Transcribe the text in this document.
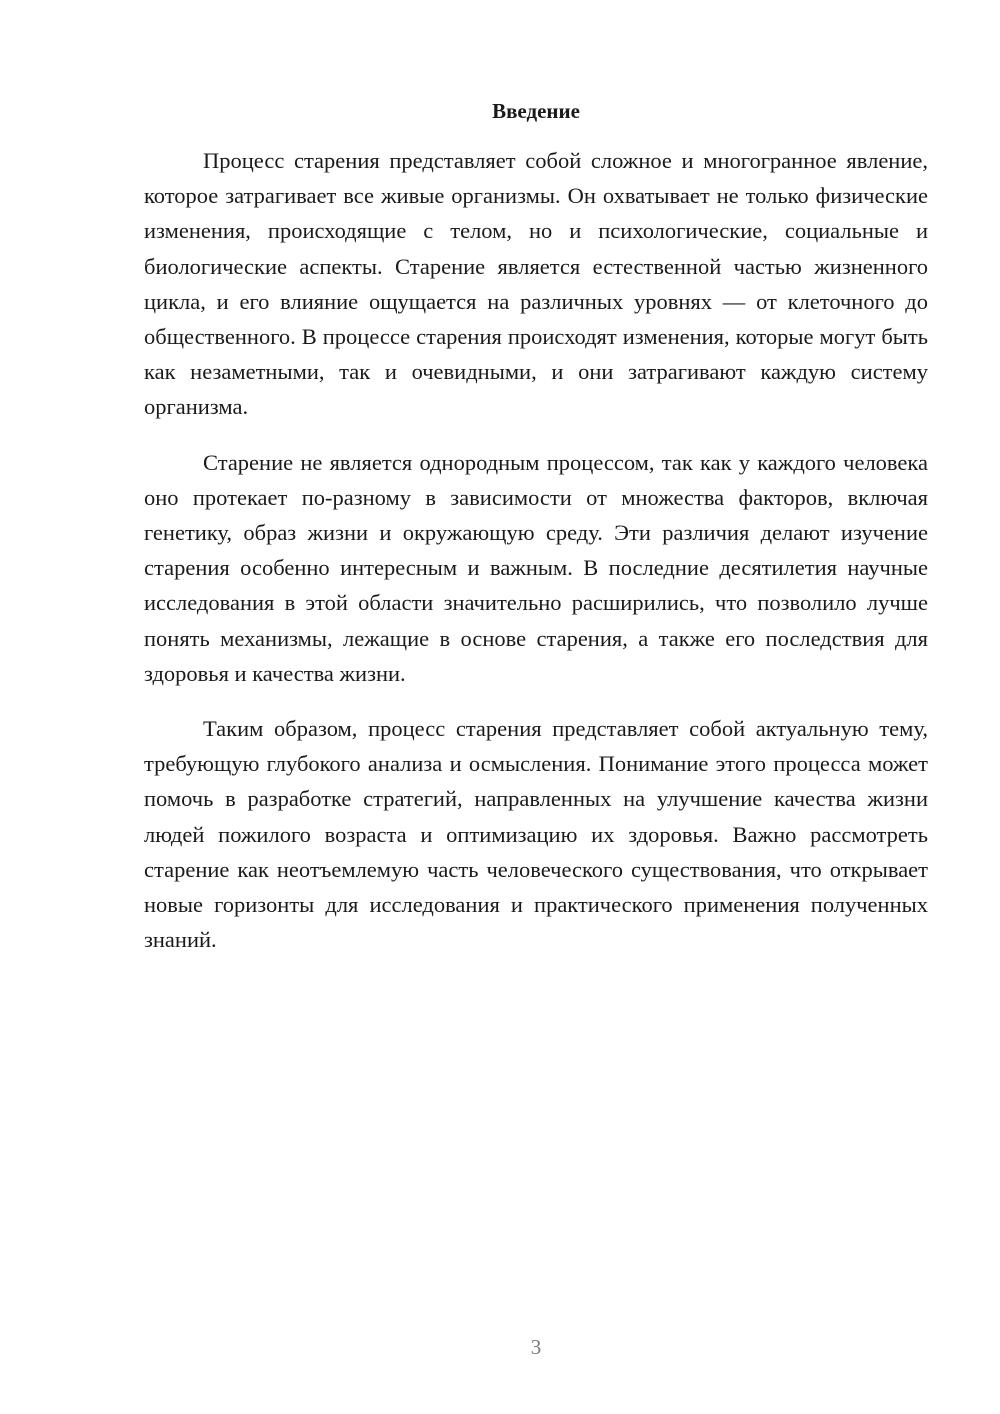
Введение

Процесс старения представляет собой сложное и многогранное явление, которое затрагивает все живые организмы. Он охватывает не только физические изменения, происходящие с телом, но и психологические, социальные и биологические аспекты. Старение является естественной частью жизненного цикла, и его влияние ощущается на различных уровнях — от клеточного до общественного. В процессе старения происходят изменения, которые могут быть как незаметными, так и очевидными, и они затрагивают каждую систему организма.

Старение не является однородным процессом, так как у каждого человека оно протекает по-разному в зависимости от множества факторов, включая генетику, образ жизни и окружающую среду. Эти различия делают изучение старения особенно интересным и важным. В последние десятилетия научные исследования в этой области значительно расширились, что позволило лучше понять механизмы, лежащие в основе старения, а также его последствия для здоровья и качества жизни.

Таким образом, процесс старения представляет собой актуальную тему, требующую глубокого анализа и осмысления. Понимание этого процесса может помочь в разработке стратегий, направленных на улучшение качества жизни людей пожилого возраста и оптимизацию их здоровья. Важно рассмотреть старение как неотъемлемую часть человеческого существования, что открывает новые горизонты для исследования и практического применения полученных знаний.

3
